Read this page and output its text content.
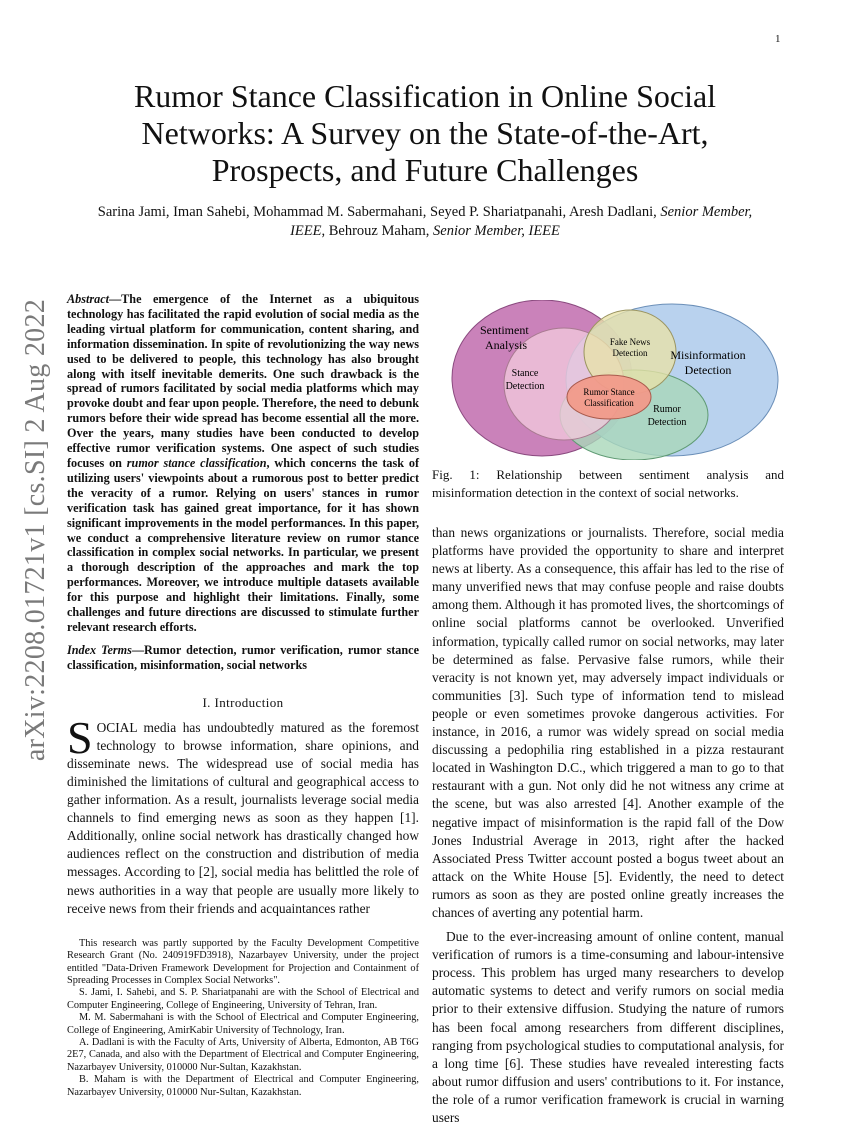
1
arXiv:2208.01721v1 [cs.SI] 2 Aug 2022
Rumor Stance Classification in Online Social Networks: A Survey on the State-of-the-Art, Prospects, and Future Challenges
Sarina Jami, Iman Sahebi, Mohammad M. Sabermahani, Seyed P. Shariatpanahi, Aresh Dadlani, Senior Member, IEEE, Behrouz Maham, Senior Member, IEEE
Abstract—The emergence of the Internet as a ubiquitous technology has facilitated the rapid evolution of social media as the leading virtual platform for communication, content sharing, and information dissemination. In spite of revolutionizing the way news used to be delivered to people, this technology has also brought along with itself inevitable demerits. One such drawback is the spread of rumors facilitated by social media platforms which may provoke doubt and fear upon people. Therefore, the need to debunk rumors before their wide spread has become essential all the more. Over the years, many studies have been conducted to develop effective rumor verification systems. One aspect of such studies focuses on rumor stance classification, which concerns the task of utilizing users' viewpoints about a rumorous post to better predict the veracity of a rumor. Relying on users' stances in rumor verification task has gained great importance, for it has shown significant improvements in the model performances. In this paper, we conduct a comprehensive literature review on rumor stance classification in complex social networks. In particular, we present a thorough description of the approaches and mark the top performances. Moreover, we introduce multiple datasets available for this purpose and highlight their limitations. Finally, some challenges and future directions are discussed to stimulate further relevant research efforts.
Index Terms—Rumor detection, rumor verification, rumor stance classification, misinformation, social networks
I. Introduction

SOCIAL media has undoubtedly matured as the foremost technology to browse information, share opinions, and disseminate news. The widespread use of social media has diminished the limitations of cultural and geographical access to gather information. As a result, journalists leverage social media channels to find emerging news as soon as they happen [1]. Additionally, online social network has drastically changed how audiences reflect on the construction and distribution of media messages. According to [2], social media has belittled the role of news authorities in a way that people are usually more likely to receive news from their friends and acquaintances rather

This research was partly supported by the Faculty Development Competitive Research Grant (No. 240919FD3918), Nazarbayev University, under the project entitled "Data-Driven Framework Development for Projection and Containment of Spreading Processes in Complex Social Networks".

S. Jami, I. Sahebi, and S. P. Shariatpanahi are with the School of Electrical and Computer Engineering, College of Engineering, University of Tehran, Iran.

M. M. Sabermahani is with the School of Electrical and Computer Engineering, College of Engineering, AmirKabir University of Technology, Iran.

A. Dadlani is with the Faculty of Arts, University of Alberta, Edmonton, AB T6G 2E7, Canada, and also with the Department of Electrical and Computer Engineering, Nazarbayev University, 010000 Nur-Sultan, Kazakhstan.

B. Maham is with the Department of Electrical and Computer Engineering, Nazarbayev University, 010000 Nur-Sultan, Kazakhstan.

Sentiment
Analysis
Misinformation
Detection
Fake News
Detection
Stance
Detection	Rumor Stance
Classification
Rumor
Detection
Fig. 1: Relationship between sentiment analysis and misinformation detection in the context of social networks.

than news organizations or journalists. Therefore, social media platforms have provided the opportunity to share and interpret news at liberty. As a consequence, this affair has led to the rise of many unverified news that may confuse people and raise doubts among them. Although it has promoted lives, the shortcomings of online social platforms cannot be overlooked. Unverified information, typically called rumor on social networks, may later be determined as false. Pervasive false rumors, while their veracity is not known yet, may adversely impact individuals or communities [3]. Such type of information tend to mislead people or even sometimes provoke dangerous activities. For instance, in 2016, a rumor was widely spread on social media discussing a pedophilia ring established in a pizza restaurant located in Washington D.C., which triggered a man to go to that restaurant with a gun. Not only did he not witness any crime at the scene, but was also arrested [4]. Another example of the negative impact of misinformation is the rapid fall of the Dow Jones Industrial Average in 2013, right after the hacked Associated Press Twitter account posted a bogus tweet about an attack on the White House [5]. Evidently, the need to detect rumors as soon as they are posted online greatly increases the chances of averting any potential harm.

Due to the ever-increasing amount of online content, manual verification of rumors is a time-consuming and labour-intensive process. This problem has urged many researchers to develop automatic systems to detect and verify rumors on social media prior to their extensive diffusion. Studying the nature of rumors has been focal among researchers from different disciplines, ranging from psychological studies to computational analysis, for a long time [6]. These studies have revealed interesting facts about rumor diffusion and users' contributions to it. For instance, the role of a rumor verification framework is crucial in warning users
